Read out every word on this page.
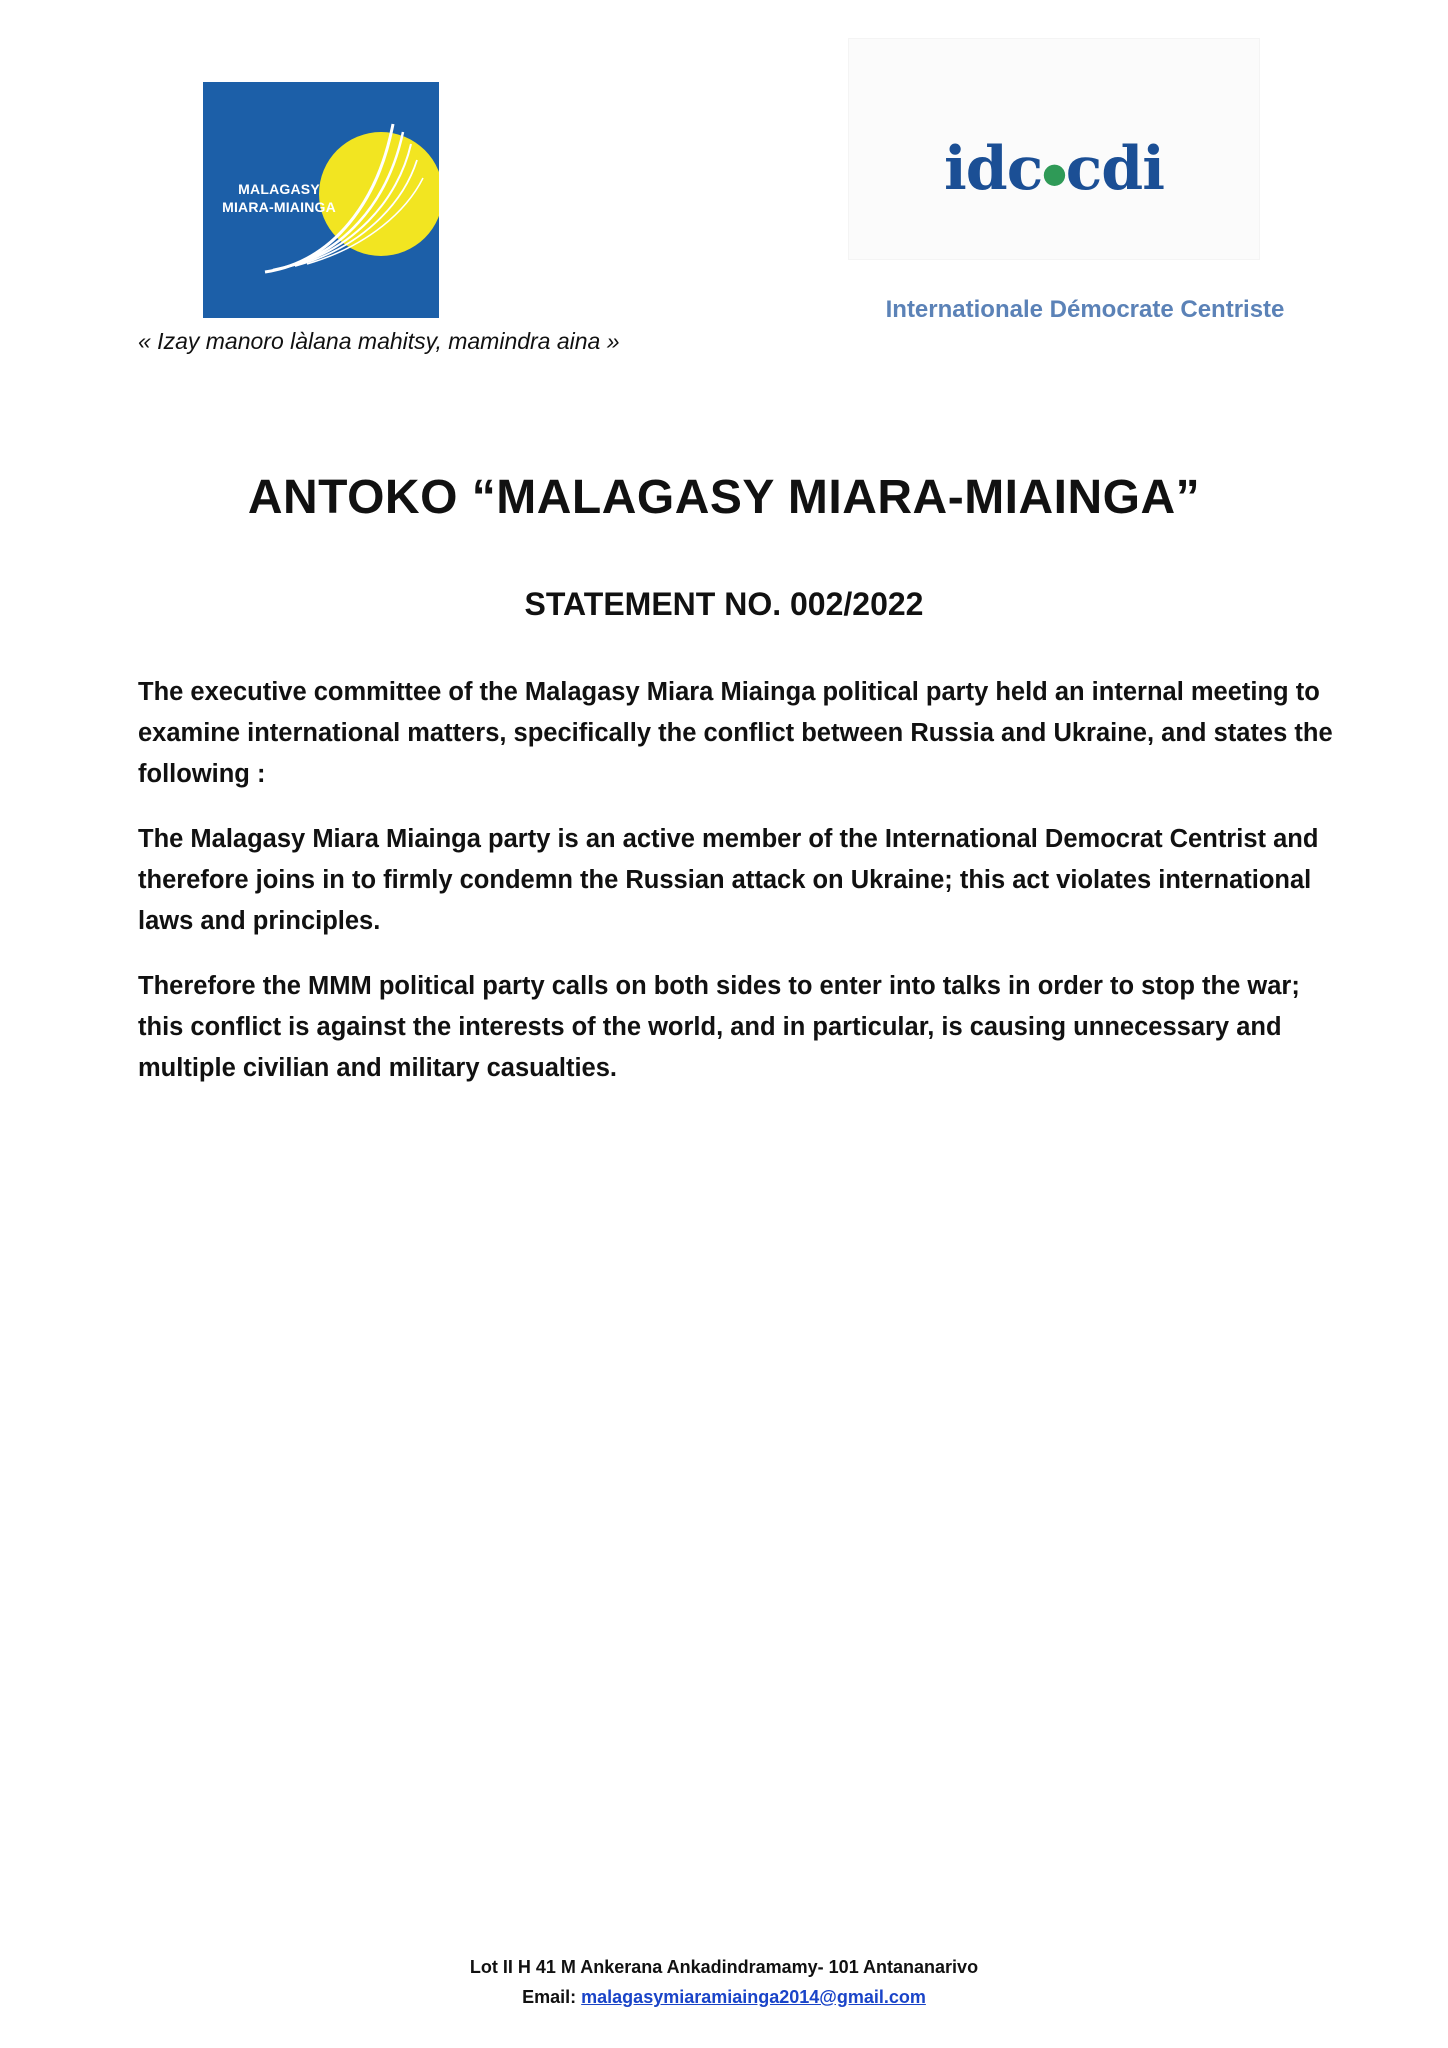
MALAGASY
MIARA-MIAINGA
« Izay manoro làlana mahitsy, mamindra aina »
idc●cdi
Internationale Démocrate Centriste
ANTOKO “MALAGASY MIARA-MIAINGA”
STATEMENT NO. 002/2022

The executive committee of the Malagasy Miara Miainga political party held an internal meeting to examine international matters, specifically the conflict between Russia and Ukraine, and states the following :

The Malagasy Miara Miainga party is an active member of the International Democrat Centrist and therefore joins in to firmly condemn the Russian attack on Ukraine; this act violates international laws and principles.

Therefore the MMM political party calls on both sides to enter into talks in order to stop the war; this conflict is against the interests of the world, and in particular, is causing unnecessary and multiple civilian and military casualties.

Lot II H 41 M Ankerana Ankadindramamy- 101 Antananarivo
Email: malagasymiaramiainga2014@gmail.com
